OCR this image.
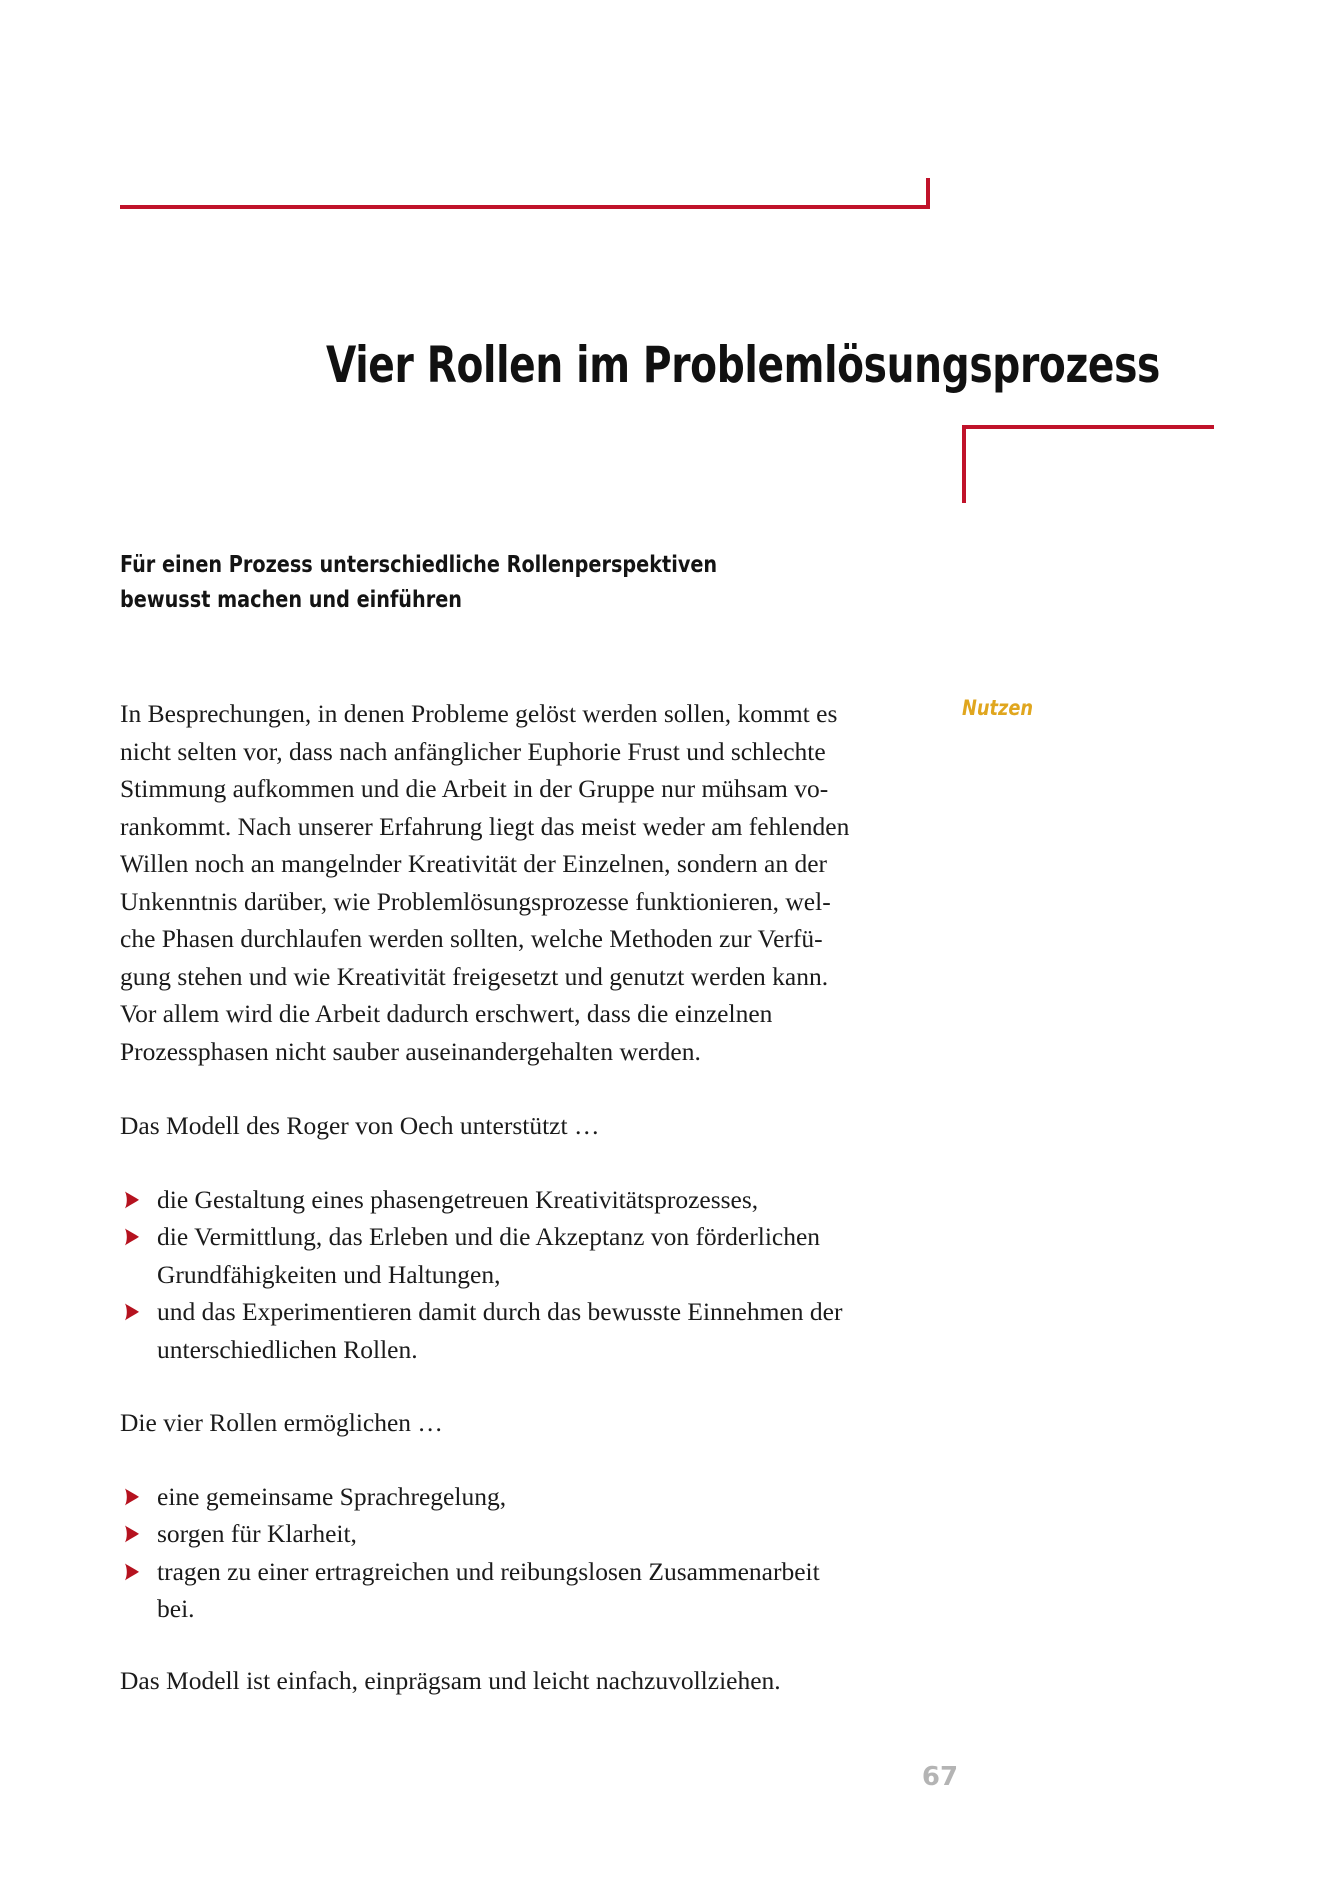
Vier Rollen im Problemlösungsprozess
Für einen Prozess unterschiedliche Rollenperspektiven
bewusst machen und einführen
Nutzen

In Besprechungen, in denen Probleme gelöst werden sollen, kommt es
nicht selten vor, dass nach anfänglicher Euphorie Frust und schlechte
Stimmung aufkommen und die Arbeit in der Gruppe nur mühsam vo-
rankommt. Nach unserer Erfahrung liegt das meist weder am fehlenden
Willen noch an mangelnder Kreativität der Einzelnen, sondern an der
Unkenntnis darüber, wie Problemlösungsprozesse funktionieren, wel-
che Phasen durchlaufen werden sollten, welche Methoden zur Verfü-
gung stehen und wie Kreativität freigesetzt und genutzt werden kann.
Vor allem wird die Arbeit dadurch erschwert, dass die einzelnen
Prozessphasen nicht sauber auseinandergehalten werden.

Das Modell des Roger von Oech unterstützt …

die Gestaltung eines phasengetreuen Kreativitätsprozesses,
die Vermittlung, das Erleben und die Akzeptanz von förderlichen
Grundfähigkeiten und Haltungen,
und das Experimentieren damit durch das bewusste Einnehmen der
unterschiedlichen Rollen.

Die vier Rollen ermöglichen …

eine gemeinsame Sprachregelung,
sorgen für Klarheit,
tragen zu einer ertragreichen und reibungslosen Zusammenarbeit
bei.

Das Modell ist einfach, einprägsam und leicht nachzuvollziehen.

67
